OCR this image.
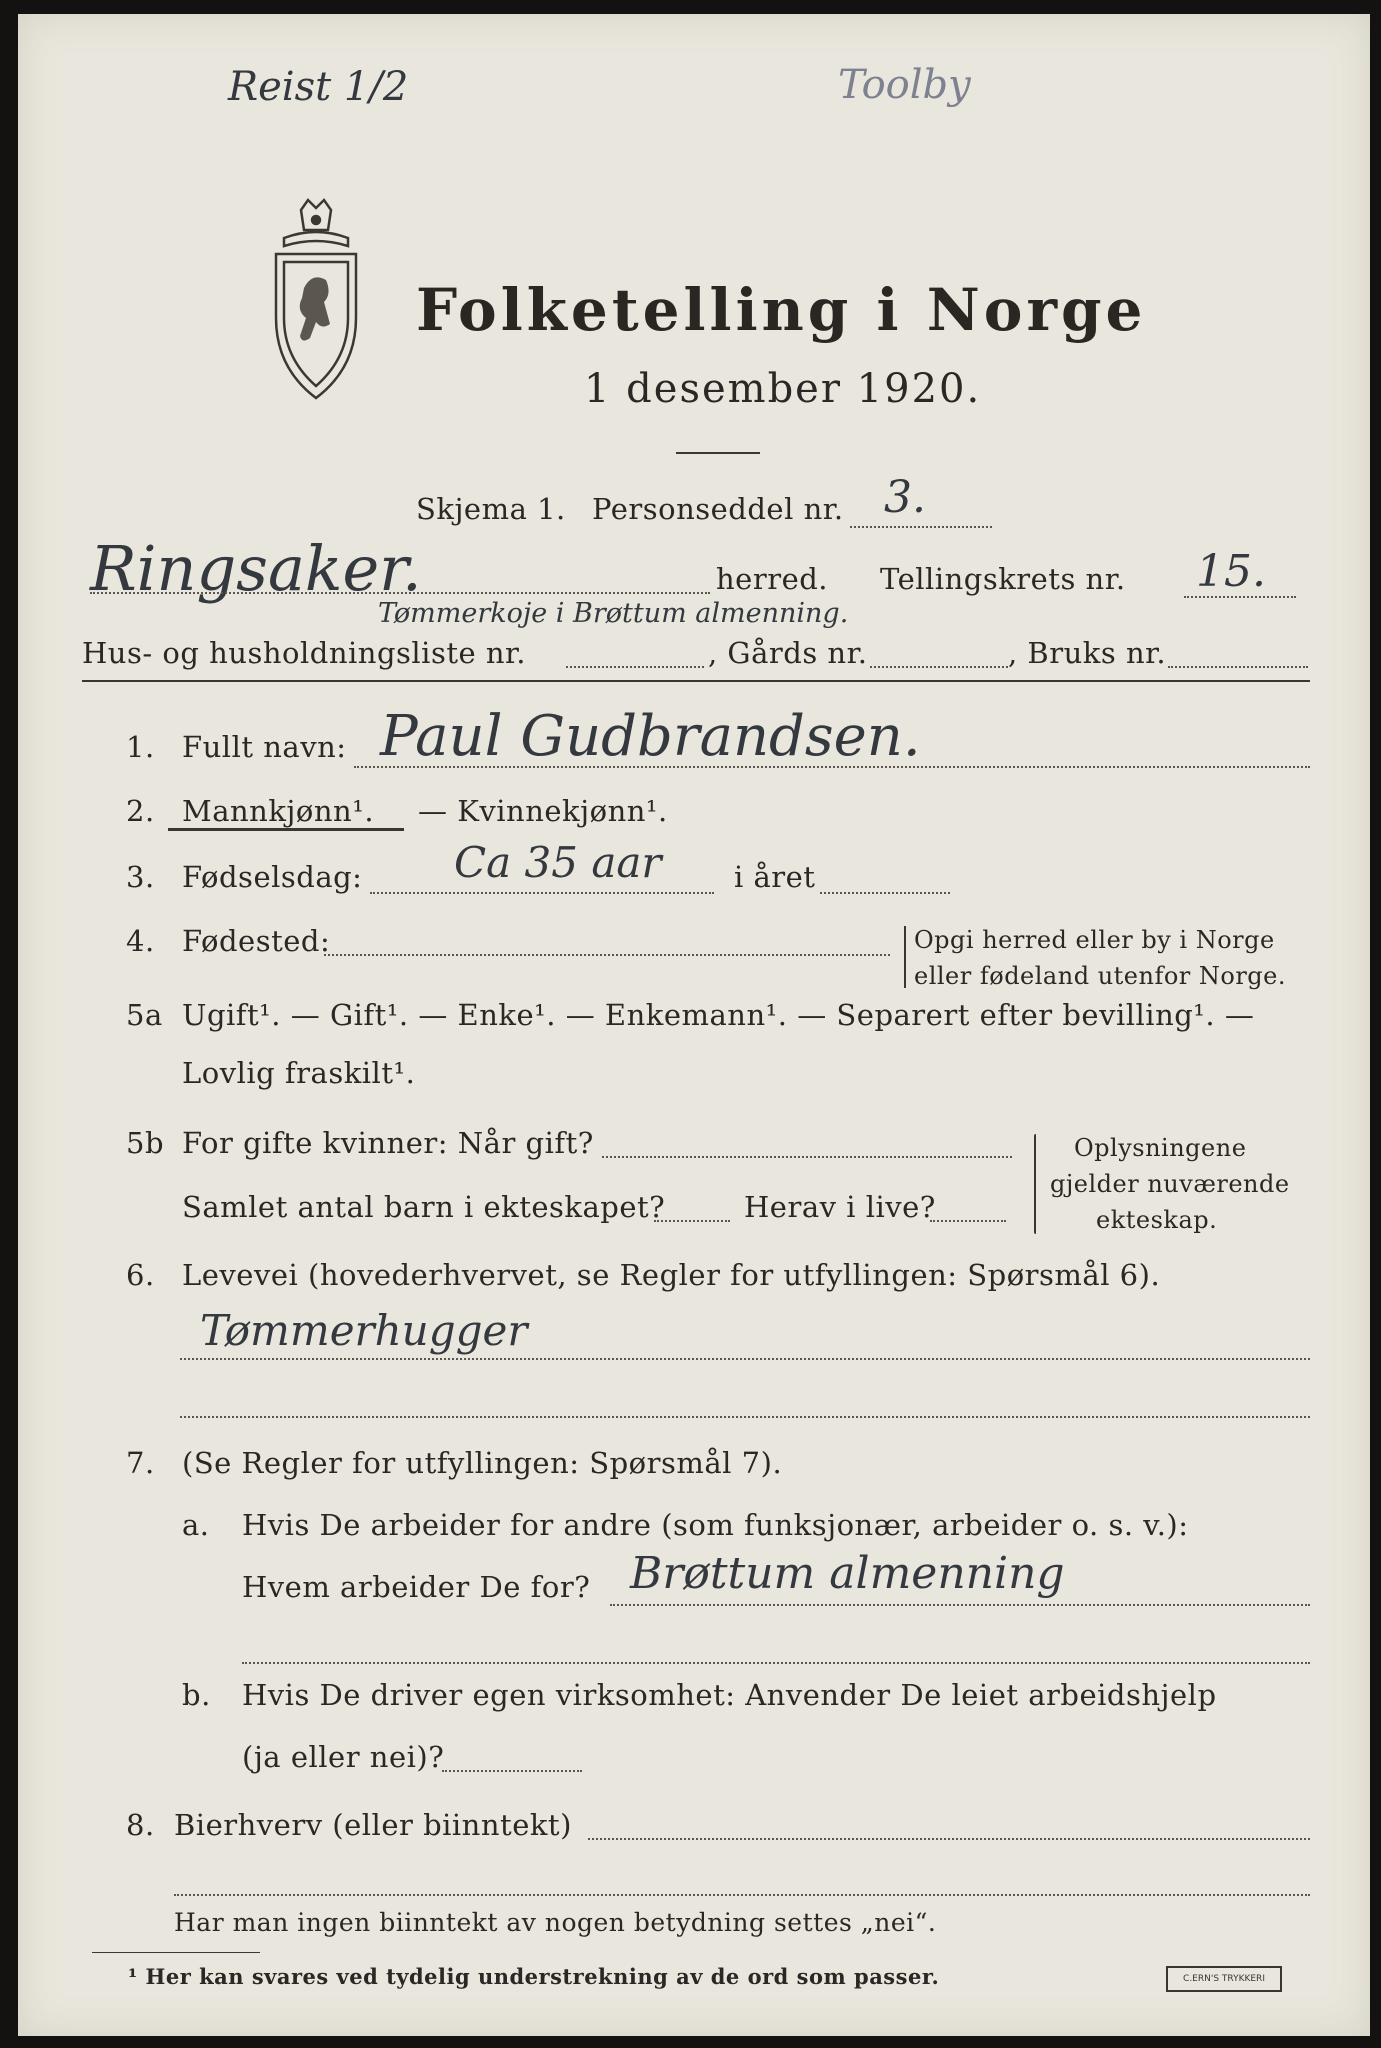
Reist 1/2	Toolby
Folketelling i Norge
1 desember 1920.
Skjema 1. Personseddel nr. 3.
Ringsaker.	herred. Tellingskrets nr. 15.
Tømmerkoje i Brøttum almenning.
Hus- og husholdningsliste nr.	, Gårds nr.	, Bruks nr.
1. Fullt navn: Paul Gudbrandsen.
2. Mannkjønn¹. — Kvinnekjønn¹.
3. Fødselsdag: Ca 35 aar	i året
4. Fødested:	Opgi herred eller by i Norge
eller fødeland utenfor Norge.
5a Ugift¹. — Gift¹. — Enke¹. — Enkemann¹. — Separert efter bevilling¹. —
Lovlig fraskilt¹.
5b For gifte kvinner: Når gift?
Samlet antal barn i ekteskapet?	Herav i live?
Oplysningene
gjelder nuværende
ekteskap.
6. Levevei (hovederhvervet, se Regler for utfyllingen: Spørsmål 6).
Tømmerhugger
7. (Se Regler for utfyllingen: Spørsmål 7).
a. Hvis De arbeider for andre (som funksjonær, arbeider o. s. v.):
Hvem arbeider De for? Brøttum almenning
b. Hvis De driver egen virksomhet: Anvender De leiet arbeidshjelp
(ja eller nei)?
8. Bierhverv (eller biinntekt)
Har man ingen biinntekt av nogen betydning settes „nei“.
¹ Her kan svares ved tydelig understrekning av de ord som passer.	C.ERN'S TRYKKERI
